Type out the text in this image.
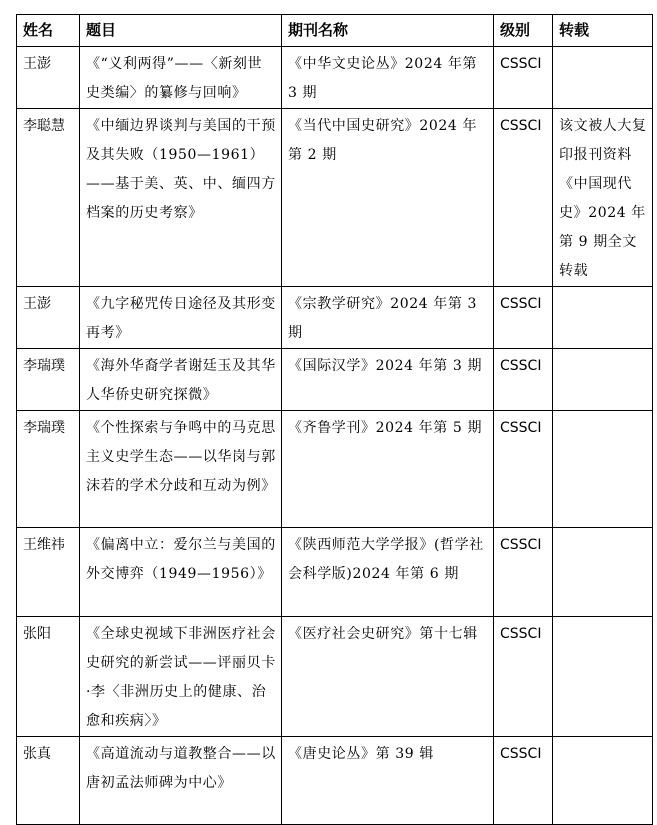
姓名	题目	期刊名称	级别	转载
王澎	《“义利两得”——〈新刻世史类编〉的纂修与回响》	《中华文史论丛》2024 年第 3 期	CSSCI	
李聪慧	《中缅边界谈判与美国的干预及其失败（1950—1961）——基于美、英、中、缅四方档案的历史考察》	《当代中国史研究》2024 年第 2 期	CSSCI	该文被人大复印报刊资料《中国现代史》2024 年第 9 期全文转载
王澎	《九字秘咒传日途径及其形变再考》	《宗教学研究》2024 年第 3 期	CSSCI	
李瑞璞	《海外华裔学者谢廷玉及其华人华侨史研究探微》	《国际汉学》2024 年第 3 期	CSSCI	
李瑞璞	《个性探索与争鸣中的马克思主义史学生态——以华岗与郭沫若的学术分歧和互动为例》	《齐鲁学刊》2024 年第 5 期	CSSCI	
王维祎	《偏离中立：爱尔兰与美国的外交博弈（1949—1956）》	《陕西师范大学学报》(哲学社会科学版)2024 年第 6 期	CSSCI	
张阳	《全球史视域下非洲医疗社会史研究的新尝试——评丽贝卡·李〈非洲历史上的健康、治愈和疾病〉》	《医疗社会史研究》第十七辑	CSSCI	
张真	《高道流动与道教整合——以唐初孟法师碑为中心》	《唐史论丛》第 39 辑	CSSCI	
